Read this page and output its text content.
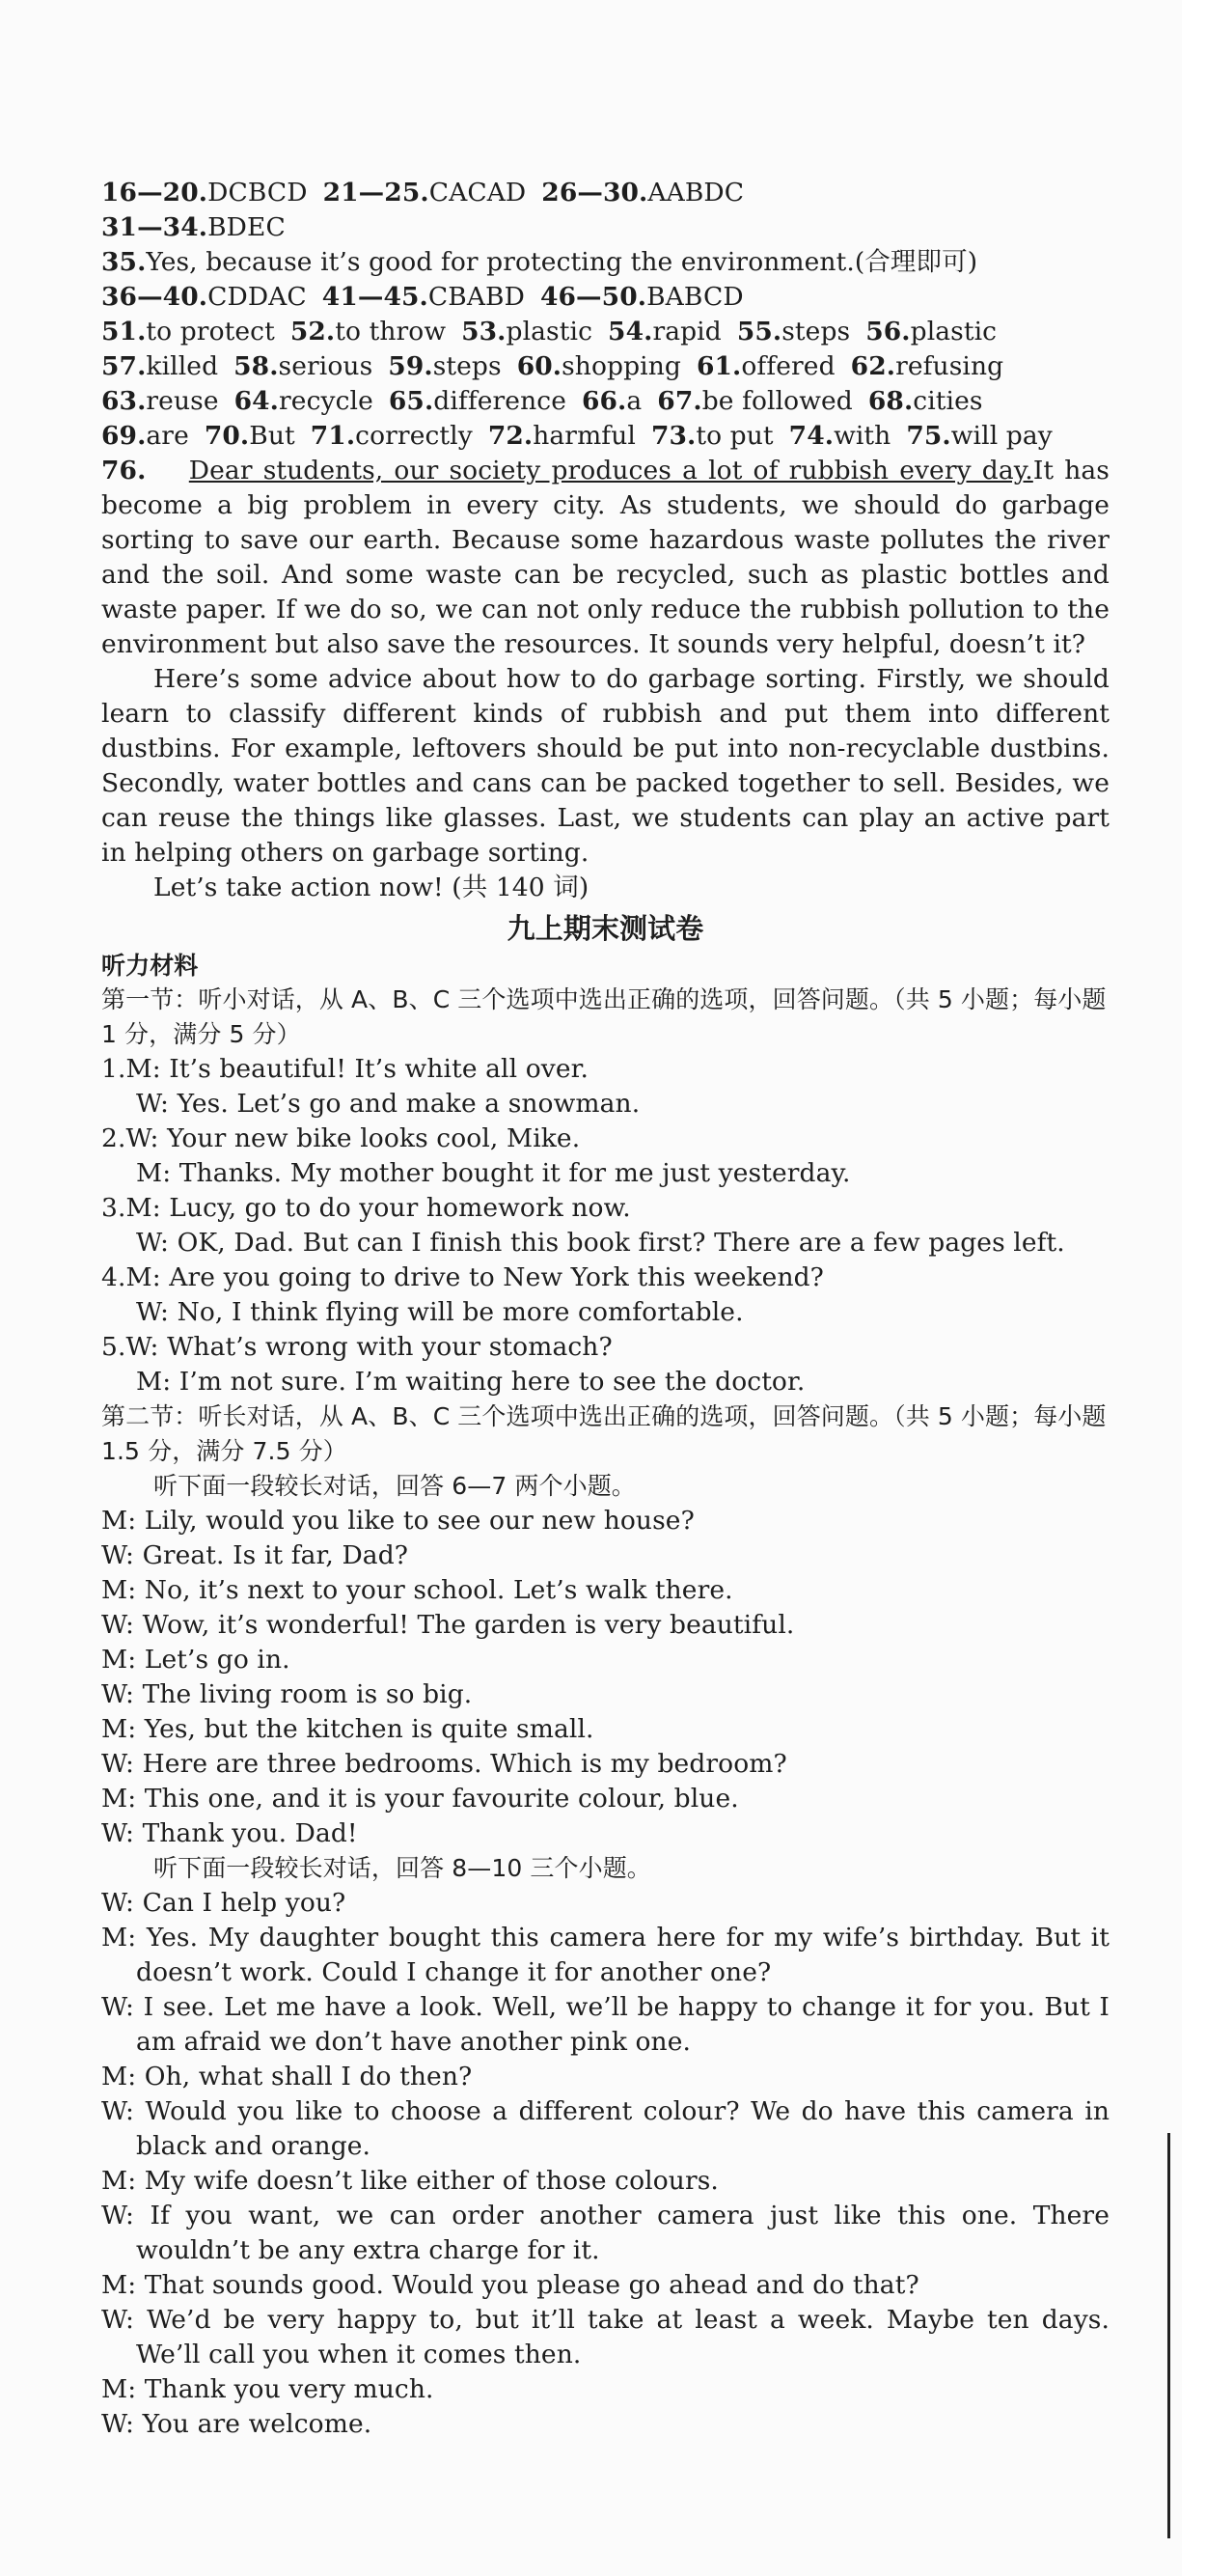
16—20.DCBCD 21—25.CACAD 26—30.AABDC
31—34.BDEC
35.Yes, because it’s good for protecting the environment.(合理即可)
36—40.CDDAC 41—45.CBABD 46—50.BABCD
51.to protect 52.to throw 53.plastic 54.rapid 55.steps 56.plastic
57.killed 58.serious 59.steps 60.shopping 61.offered 62.refusing
63.reuse 64.recycle 65.difference 66.a 67.be followed 68.cities
69.are 70.But 71.correctly 72.harmful 73.to put 74.with 75.will pay

76. Dear students, our society produces a lot of rubbish every day.It has become a big problem in every city. As students, we should do garbage sorting to save our earth. Because some hazardous waste pollutes the river and the soil. And some waste can be recycled, such as plastic bottles and waste paper. If we do so, we can not only reduce the rubbish pollution to the environment but also save the resources. It sounds very helpful, doesn’t it?

Here’s some advice about how to do garbage sorting. Firstly, we should learn to classify different kinds of rubbish and put them into different dustbins. For example, leftovers should be put into non-recyclable dustbins. Secondly, water bottles and cans can be packed together to sell. Besides, we can reuse the things like glasses. Last, we students can play an active part in helping others on garbage sorting.

Let’s take action now! (共 140 词)

九上期末测试卷
听力材料
第一节：听小对话，从 A、B、C 三个选项中选出正确的选项，回答问题。（共 5 小题；每小题 1 分，满分 5 分）
1.M: It’s beautiful! It’s white all over.
W: Yes. Let’s go and make a snowman.
2.W: Your new bike looks cool, Mike.
M: Thanks. My mother bought it for me just yesterday.
3.M: Lucy, go to do your homework now.
W: OK, Dad. But can I finish this book first? There are a few pages left.
4.M: Are you going to drive to New York this weekend?
W: No, I think flying will be more comfortable.
5.W: What’s wrong with your stomach?
M: I’m not sure. I’m waiting here to see the doctor.
第二节：听长对话，从 A、B、C 三个选项中选出正确的选项，回答问题。（共 5 小题；每小题 1.5 分，满分 7.5 分）
听下面一段较长对话，回答 6—7 两个小题。
M: Lily, would you like to see our new house?
W: Great. Is it far, Dad?
M: No, it’s next to your school. Let’s walk there.
W: Wow, it’s wonderful! The garden is very beautiful.
M: Let’s go in.
W: The living room is so big.
M: Yes, but the kitchen is quite small.
W: Here are three bedrooms. Which is my bedroom?
M: This one, and it is your favourite colour, blue.
W: Thank you. Dad!
听下面一段较长对话，回答 8—10 三个小题。
W: Can I help you?
M: Yes. My daughter bought this camera here for my wife’s birthday. But it doesn’t work. Could I change it for another one?
W: I see. Let me have a look. Well, we’ll be happy to change it for you. But I am afraid we don’t have another pink one.
M: Oh, what shall I do then?
W: Would you like to choose a different colour? We do have this camera in black and orange.
M: My wife doesn’t like either of those colours.
W: If you want, we can order another camera just like this one. There wouldn’t be any extra charge for it.
M: That sounds good. Would you please go ahead and do that?
W: We’d be very happy to, but it’ll take at least a week. Maybe ten days. We’ll call you when it comes then.
M: Thank you very much.
W: You are welcome.
